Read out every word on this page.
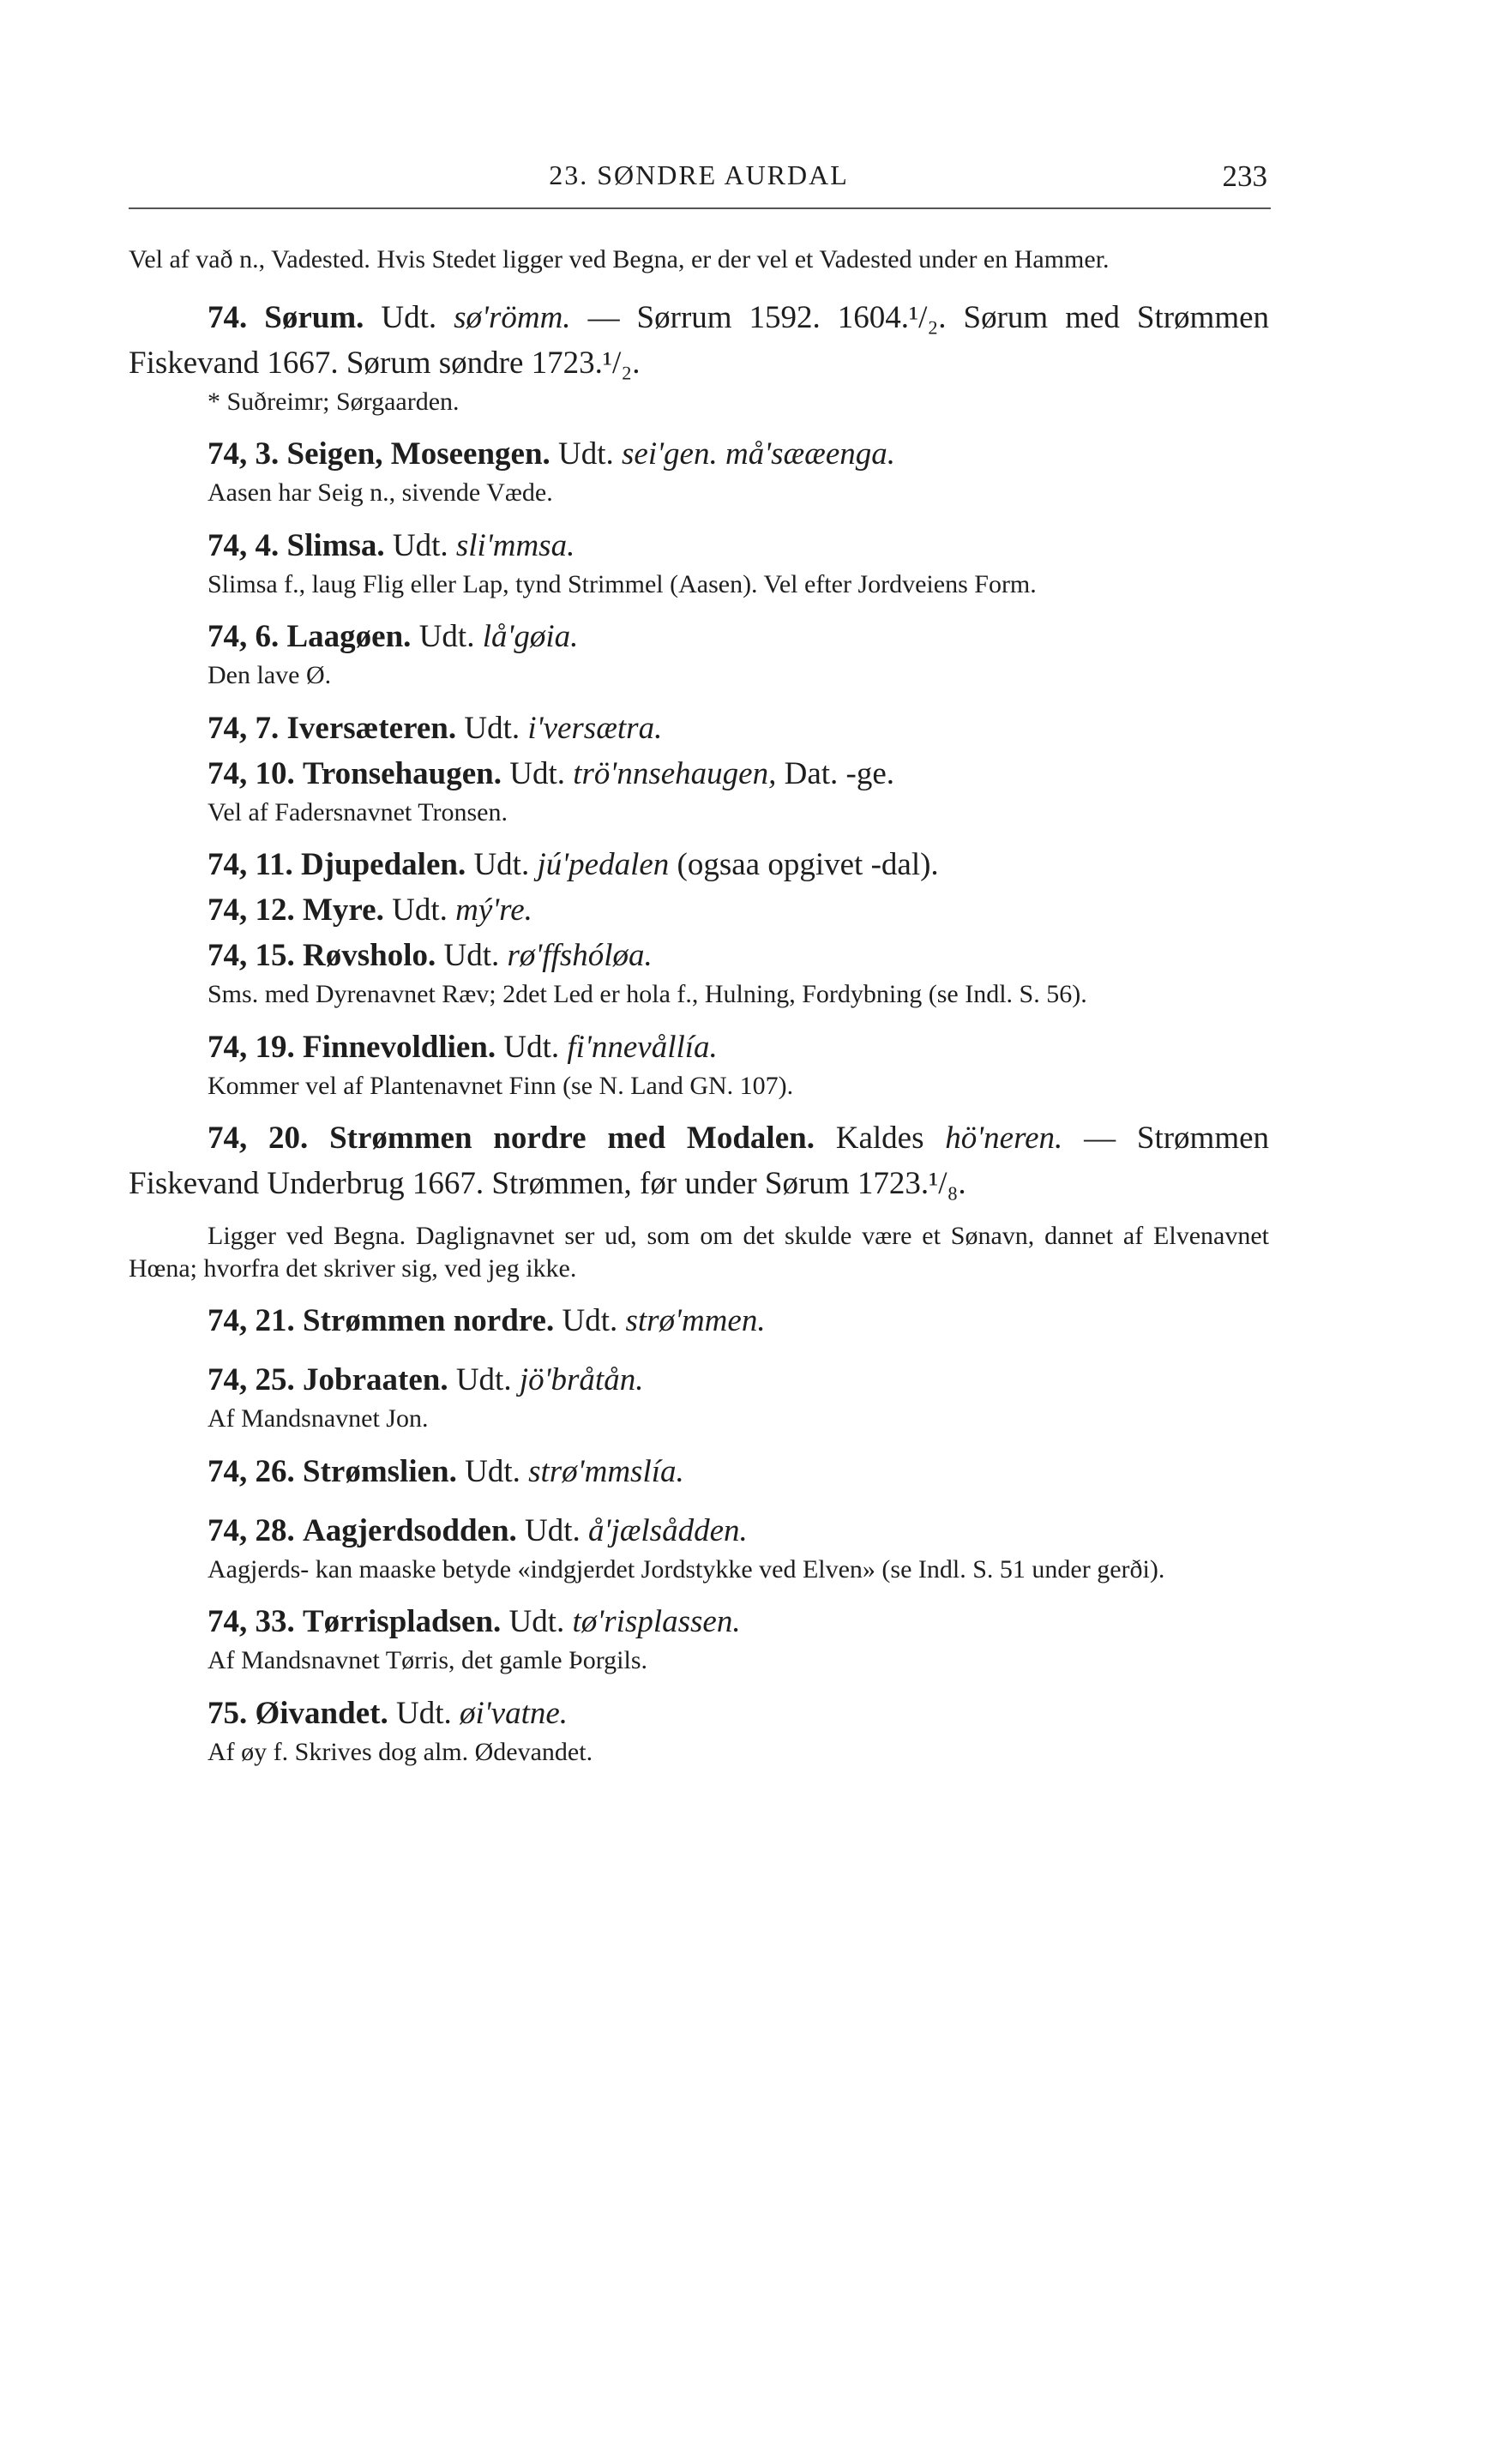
23. SØNDRE AURDAL	233

Vel af vað n., Vadested. Hvis Stedet ligger ved Begna, er der vel et Vadested under en Hammer.

74. Sørum. Udt. sø'römm. — Sørrum 1592. 1604.¹/₂. Sørum med Strømmen Fiskevand 1667. Sørum søndre 1723.¹/₂.

* Suðreimr; Sørgaarden.

74, 3. Seigen, Moseengen. Udt. sei'gen. må'sææenga.

Aasen har Seig n., sivende Væde.

74, 4. Slimsa. Udt. sli'mmsa.

Slimsa f., laug Flig eller Lap, tynd Strimmel (Aasen). Vel efter Jordveiens Form.

74, 6. Laagøen. Udt. lå'gøia.

Den lave Ø.

74, 7. Iversæteren. Udt. i'versætra.

74, 10. Tronsehaugen. Udt. trö'nnsehaugen, Dat. -ge.

Vel af Fadersnavnet Tronsen.

74, 11. Djupedalen. Udt. jú'pedalen (ogsaa opgivet -dal).

74, 12. Myre. Udt. mý're.

74, 15. Røvsholo. Udt. rø'ffshóløa.

Sms. med Dyrenavnet Ræv; 2det Led er hola f., Hulning, Fordybning (se Indl. S. 56).

74, 19. Finnevoldlien. Udt. fi'nnevållía.

Kommer vel af Plantenavnet Finn (se N. Land GN. 107).

74, 20. Strømmen nordre med Modalen. Kaldes hö'neren. — Strømmen Fiskevand Underbrug 1667. Strømmen, før under Sørum 1723.¹/₈.

Ligger ved Begna. Daglignavnet ser ud, som om det skulde være et Sønavn, dannet af Elvenavnet Hœna; hvorfra det skriver sig, ved jeg ikke.

74, 21. Strømmen nordre. Udt. strø'mmen.

74, 25. Jobraaten. Udt. jö'bråtån.

Af Mandsnavnet Jon.

74, 26. Strømslien. Udt. strø'mmslía.

74, 28. Aagjerdsodden. Udt. å'jælsådden.

Aagjerds- kan maaske betyde «indgjerdet Jordstykke ved Elven» (se Indl. S. 51 under gerði).

74, 33. Tørrispladsen. Udt. tø'risplassen.

Af Mandsnavnet Tørris, det gamle Þorgils.

75. Øivandet. Udt. øi'vatne.

Af øy f. Skrives dog alm. Ødevandet.
